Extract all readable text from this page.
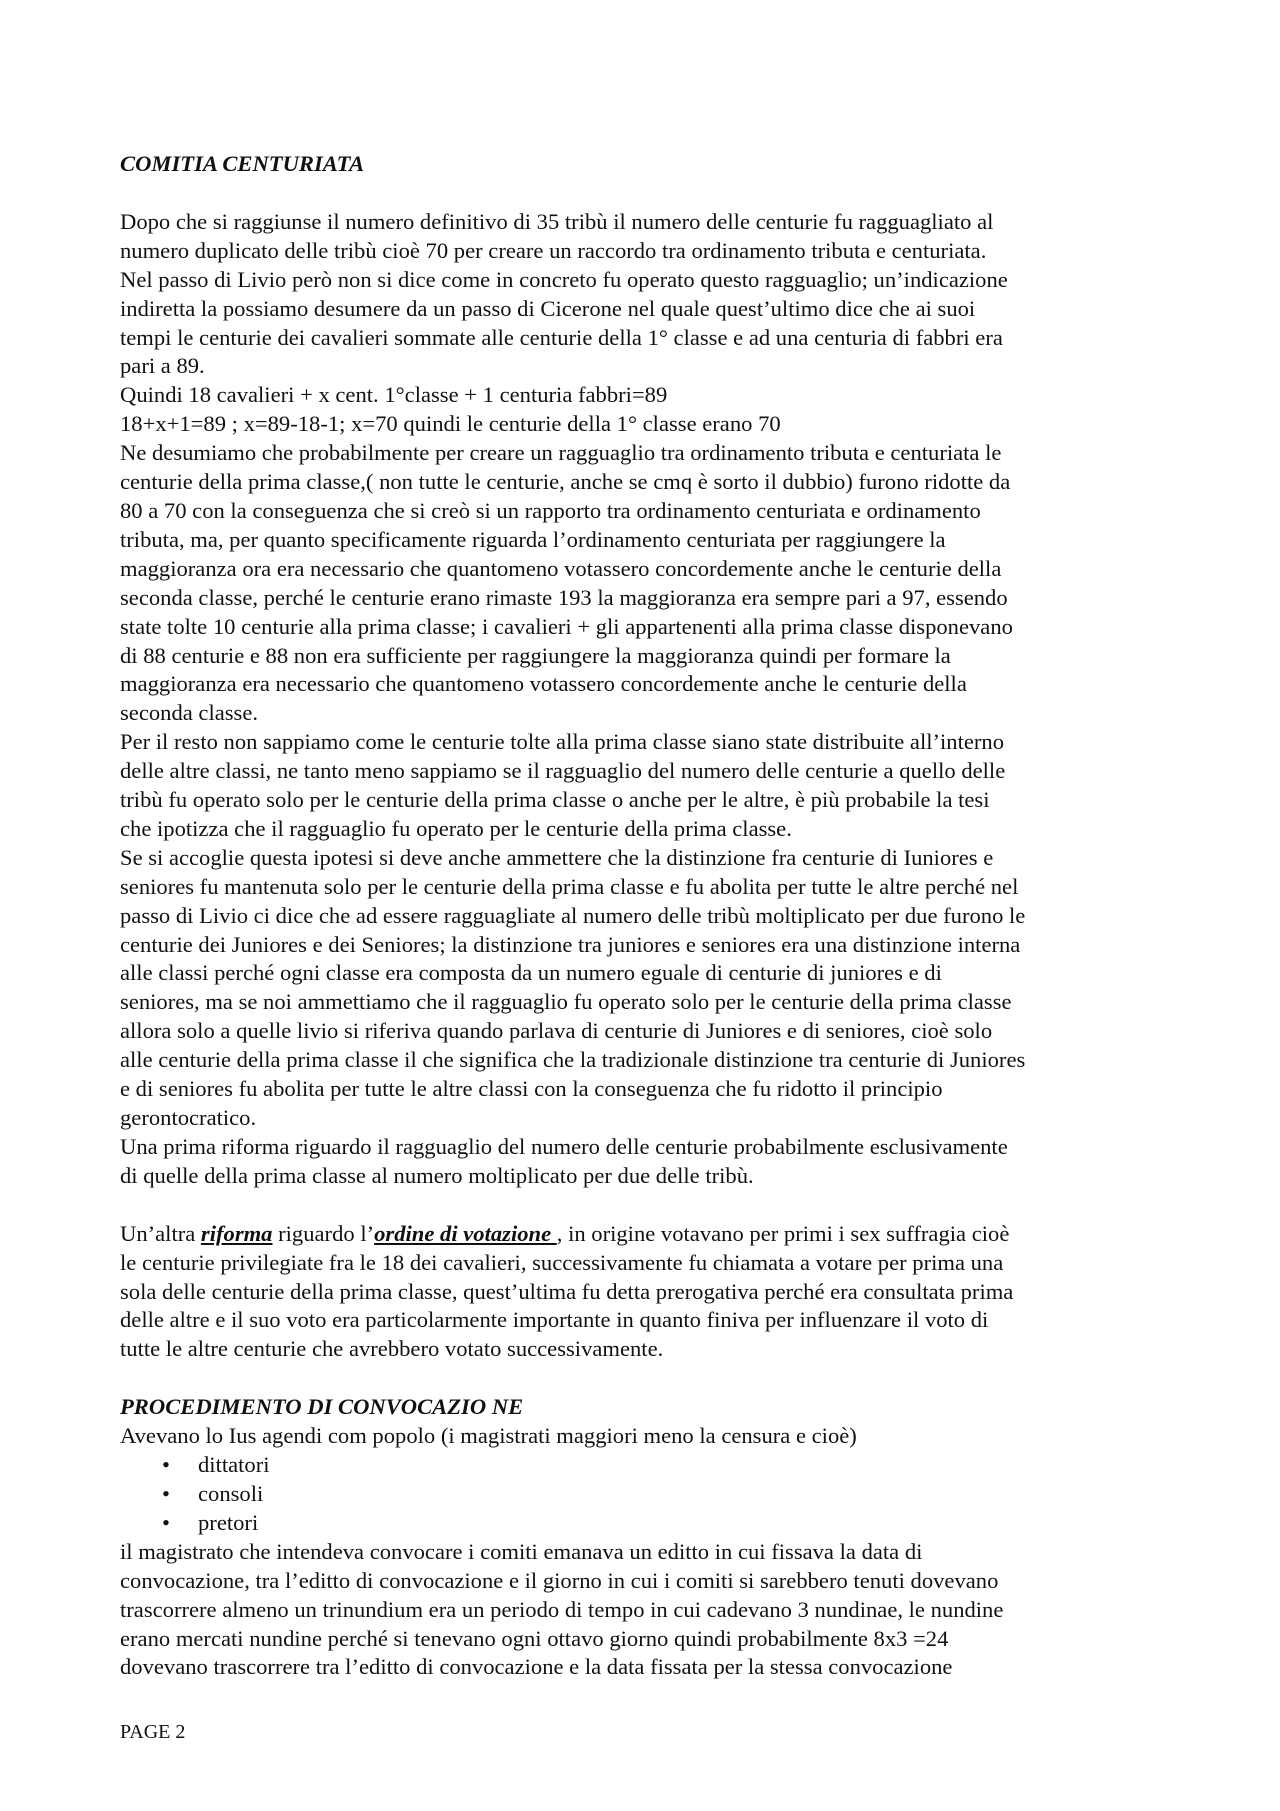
COMITIA CENTURIATA
Dopo che si raggiunse il numero definitivo di 35 tribù il numero delle centurie fu ragguagliato al
numero duplicato delle tribù cioè 70 per creare un raccordo tra ordinamento tributa e centuriata.
Nel passo di Livio però non si dice come in concreto fu operato questo ragguaglio; un’indicazione
indiretta la possiamo desumere da un passo di Cicerone nel quale quest’ultimo dice che ai suoi
tempi le centurie dei cavalieri sommate alle centurie della 1° classe e ad una centuria di fabbri era
pari a 89.
Quindi 18 cavalieri + x cent. 1°classe + 1 centuria fabbri=89
18+x+1=89 ; x=89-18-1; x=70 quindi le centurie della 1° classe erano 70
Ne desumiamo che probabilmente per creare un ragguaglio tra ordinamento tributa e centuriata le
centurie della prima classe,( non tutte le centurie, anche se cmq è sorto il dubbio) furono ridotte da
80 a 70 con la conseguenza che si creò si un rapporto tra ordinamento centuriata e ordinamento
tributa, ma, per quanto specificamente riguarda l’ordinamento centuriata per raggiungere la
maggioranza ora era necessario che quantomeno votassero concordemente anche le centurie della
seconda classe, perché le centurie erano rimaste 193 la maggioranza era sempre pari a 97, essendo
state tolte 10 centurie alla prima classe; i cavalieri + gli appartenenti alla prima classe disponevano
di 88 centurie e 88 non era sufficiente per raggiungere la maggioranza quindi per formare la
maggioranza era necessario che quantomeno votassero concordemente anche le centurie della
seconda classe.
Per il resto non sappiamo come le centurie tolte alla prima classe siano state distribuite all’interno
delle altre classi, ne tanto meno sappiamo se il ragguaglio del numero delle centurie a quello delle
tribù fu operato solo per le centurie della prima classe o anche per le altre, è più probabile la tesi
che ipotizza che il ragguaglio fu operato per le centurie della prima classe.
Se si accoglie questa ipotesi si deve anche ammettere che la distinzione fra centurie di Iuniores e
seniores fu mantenuta solo per le centurie della prima classe e fu abolita per tutte le altre perché nel
passo di Livio ci dice che ad essere ragguagliate al numero delle tribù moltiplicato per due furono le
centurie dei Juniores e dei Seniores; la distinzione tra juniores e seniores era una distinzione interna
alle classi perché ogni classe era composta da un numero eguale di centurie di juniores e di
seniores, ma se noi ammettiamo che il ragguaglio fu operato solo per le centurie della prima classe
allora solo a quelle livio si riferiva quando parlava di centurie di Juniores e di seniores, cioè solo
alle centurie della prima classe il che significa che la tradizionale distinzione tra centurie di Juniores
e di seniores fu abolita per tutte le altre classi con la conseguenza che fu ridotto il principio
gerontocratico.
Una prima riforma riguardo il ragguaglio del numero delle centurie probabilmente esclusivamente
di quelle della prima classe al numero moltiplicato per due delle tribù.
Un’altra riforma riguardo l’ordine di votazione , in origine votavano per primi i sex suffragia cioè
le centurie privilegiate fra le 18 dei cavalieri, successivamente fu chiamata a votare per prima una
sola delle centurie della prima classe, quest’ultima fu detta prerogativa perché era consultata prima
delle altre e il suo voto era particolarmente importante in quanto finiva per influenzare il voto di
tutte le altre centurie che avrebbero votato successivamente.
PROCEDIMENTO DI CONVOCAZIO NE
Avevano lo Ius agendi com popolo (i magistrati maggiori meno la censura e cioè)
• dittatori
• consoli
• pretori
il magistrato che intendeva convocare i comiti emanava un editto in cui fissava la data di
convocazione, tra l’editto di convocazione e il giorno in cui i comiti si sarebbero tenuti dovevano
trascorrere almeno un trinundium era un periodo di tempo in cui cadevano 3 nundinae, le nundine
erano mercati nundine perché si tenevano ogni ottavo giorno quindi probabilmente 8x3 =24
dovevano trascorrere tra l’editto di convocazione e la data fissata per la stessa convocazione
PAGE 2
